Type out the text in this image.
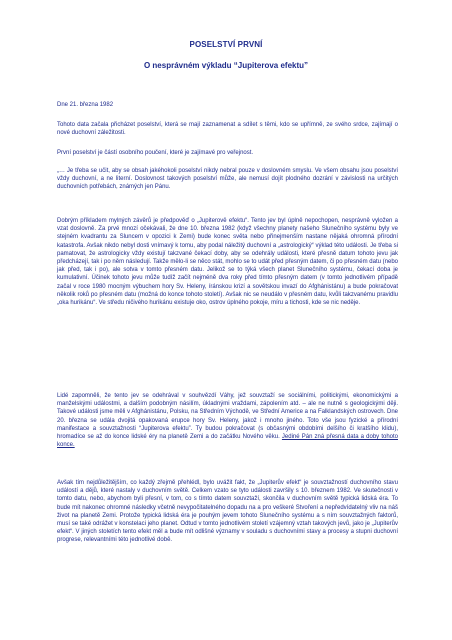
POSELSTVÍ PRVNÍ
O nesprávném výkladu “Jupiterova efektu”
Dne 21. března 1982
Tohoto data začala přicházet poselství, která se mají zaznamenat a sdílet s těmi, kdo se upřímně, ze svého srdce, zajímají o nové duchovní záležitosti.
První poselství je částí osobního poučení, které je zajímavé pro veřejnost.
„… Je třeba se učit, aby se obsah jakéhokoli poselství nikdy nebral pouze v doslovném smyslu. Ve všem obsahu jsou poselství vždy duchovní, a ne literní. Doslovnost takových poselství může, ale nemusí dojít plodného dozrání v závislosti na určitých duchovních potřebách, známých jen Pánu.
Dobrým příkladem mylných závěrů je předpověď o „Jupiterově efektu“. Tento jev byl úplně nepochopen, nesprávně vyložen a vzat doslovně. Za prvé mnozí očekávali, že dne 10. března 1982 (když všechny planety našeho Slunečního systému byly ve stejném kvadrantu za Sluncem v opozici k Zemi) bude konec světa nebo přinejmenším nastane nějaká ohromná přírodní katastrofa. Avšak nikdo nebyl dosti vnímavý k tomu, aby podal náležitý duchovní a „astrologický“ výklad této události. Je třeba si pamatovat, že astrologicky vždy existují takzvané čekací doby, aby se odehrály události, které přesně datum tohoto jevu jak předcházejí, tak i po něm následují. Takže mělo-li se něco stát, mohlo se to udát před přesným datem, či po přesném datu (nebo jak před, tak i po), ale sotva v tomto přesném datu. Jelikož se to týká všech planet Slunečního systému, čekací doba je kumulativní. Účinek tohoto jevu může tudíž začít nejméně dva roky před tímto přesným datem (v tomto jednotlivém případě začal v roce 1980 mocným výbuchem hory Sv. Heleny, íránskou krizí a sovětskou invazí do Afghánistánu) a bude pokračovat několik roků po přesném datu (možná do konce tohoto století). Avšak nic se neudálo v přesném datu, kvůli takzvanému pravidlu „oka hurikánu“. Ve středu ničivého hurikánu existuje oko, ostrov úplného pokoje, míru a tichosti, kde se nic neděje.
Lidé zapomněli, že tento jev se odehrával v souhvězdí Váhy, jež souvztaží se sociálními, politickými, ekonomickými a manželskými událostmi, a dalším podobným násilím, úkladnými vraždami, zápolením atd. – ale ne nutně s geologickými ději. Takové události jsme měli v Afghánistánu, Polsku, na Středním Východě, ve Střední Americe a na Falklandských ostrovech. Dne 20. března se udála dvojitá opakovaná erupce hory Sv. Heleny, jakož i mnoho jiného. Toto vše jsou fyzické a přírodní manifestace a souvztažnosti “Jupiterova efektu”. Ty budou pokračovat (s občasnými obdobími delšího či kratšího klidu), hromadíce se až do konce lidské éry na planetě Zemi a do začátku Nového věku. Jediné Pán zná přesná data a doby tohoto konce.
Avšak tím nejdůležitějším, co každý zřejmě přehlédl, bylo uvážit fakt, že „Jupiterův efekt“ je souvztažností duchovního stavu událostí a dějů, které nastaly v duchovním světě. Celkem vzato se tyto události završily s 10. březnem 1982. Ve skutečnosti v tomto datu, nebo, abychom byli přesní, v tom, co s tímto datem souvztaží, skončila v duchovním světě typická lidská éra. To bude mít nakonec ohromné následky včetně nevypočitatelného dopadu na a pro veškeré Stvoření a nepředvídatelný vliv na náš život na planetě Zemi. Protože typická lidská éra je pouhým jevem tohoto Slunečního systému a s ním souvztažných faktorů, musí se také odrážet v konstelaci jeho planet. Odtud v tomto jednotlivém století vzájemný vztah takových jevů, jako je „Jupiterův efekt“. V jiných stoletích tento efekt měl a bude mít odlišné významy v souladu s duchovními stavy a procesy a stupni duchovní progrese, relevantními této jednotlivé době.
